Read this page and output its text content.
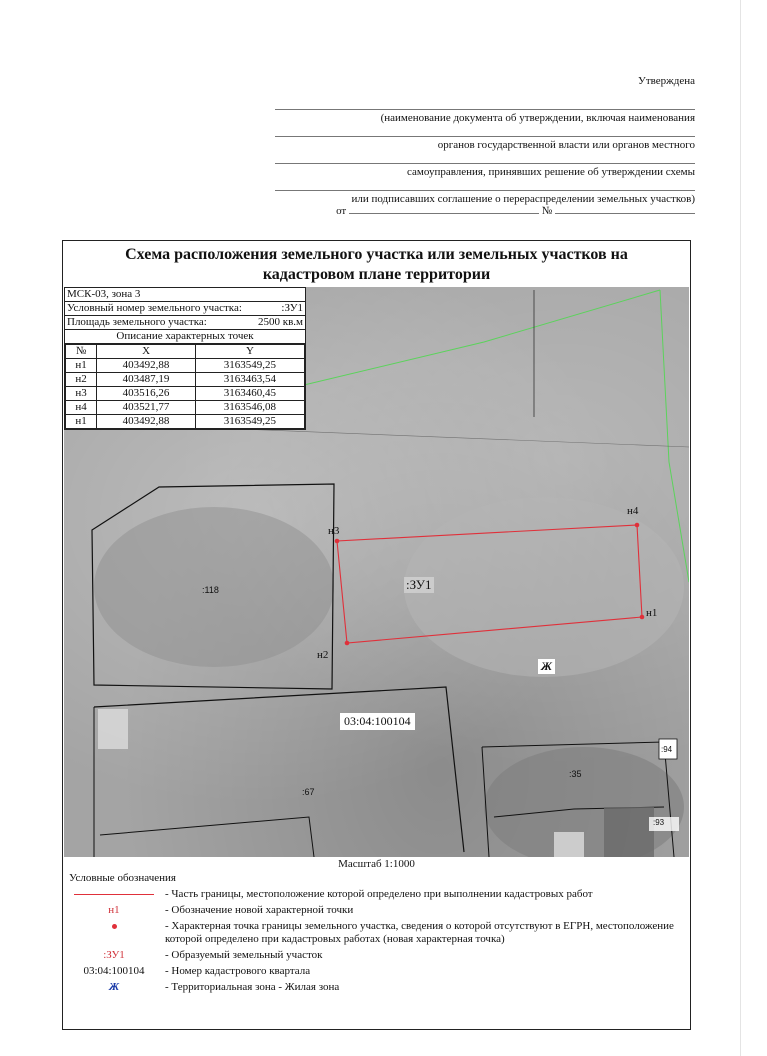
Утверждена
(наименование документа об утверждении, включая наименования
органов государственной власти или органов местного
самоуправления, принявших решение об утверждении схемы
или подписавших соглашение о перераспределении земельных участков)
от	№
Схема расположения земельного участка или земельных участков на
кадастровом плане территории
МСК-03, зона 3
Условный номер земельного участка:	:ЗУ1
Площадь земельного участка:	2500 кв.м
Описание характерных точек
№	X	Y
н1	403492,88	3163549,25
н2	403487,19	3163463,54
н3	403516,26	3163460,45
н4	403521,77	3163546,08
н1	403492,88	3163549,25
:118
:67
:35
:94
:93
:ЗУ1
н1
н2
н3
н4
03:04:100104
Ж
Масштаб 1:1000
Условные обозначения
- Часть границы, местоположение которой определено при выполнении кадастровых работ
н1	- Обозначение новой характерной точки
- Характерная точка границы земельного участка, сведения о которой отсутствуют в ЕГРН, местоположение которой определено при кадастровых работах (новая характерная точка)
:ЗУ1	- Образуемый земельный участок
03:04:100104	- Номер кадастрового квартала
Ж	- Территориальная зона - Жилая зона
